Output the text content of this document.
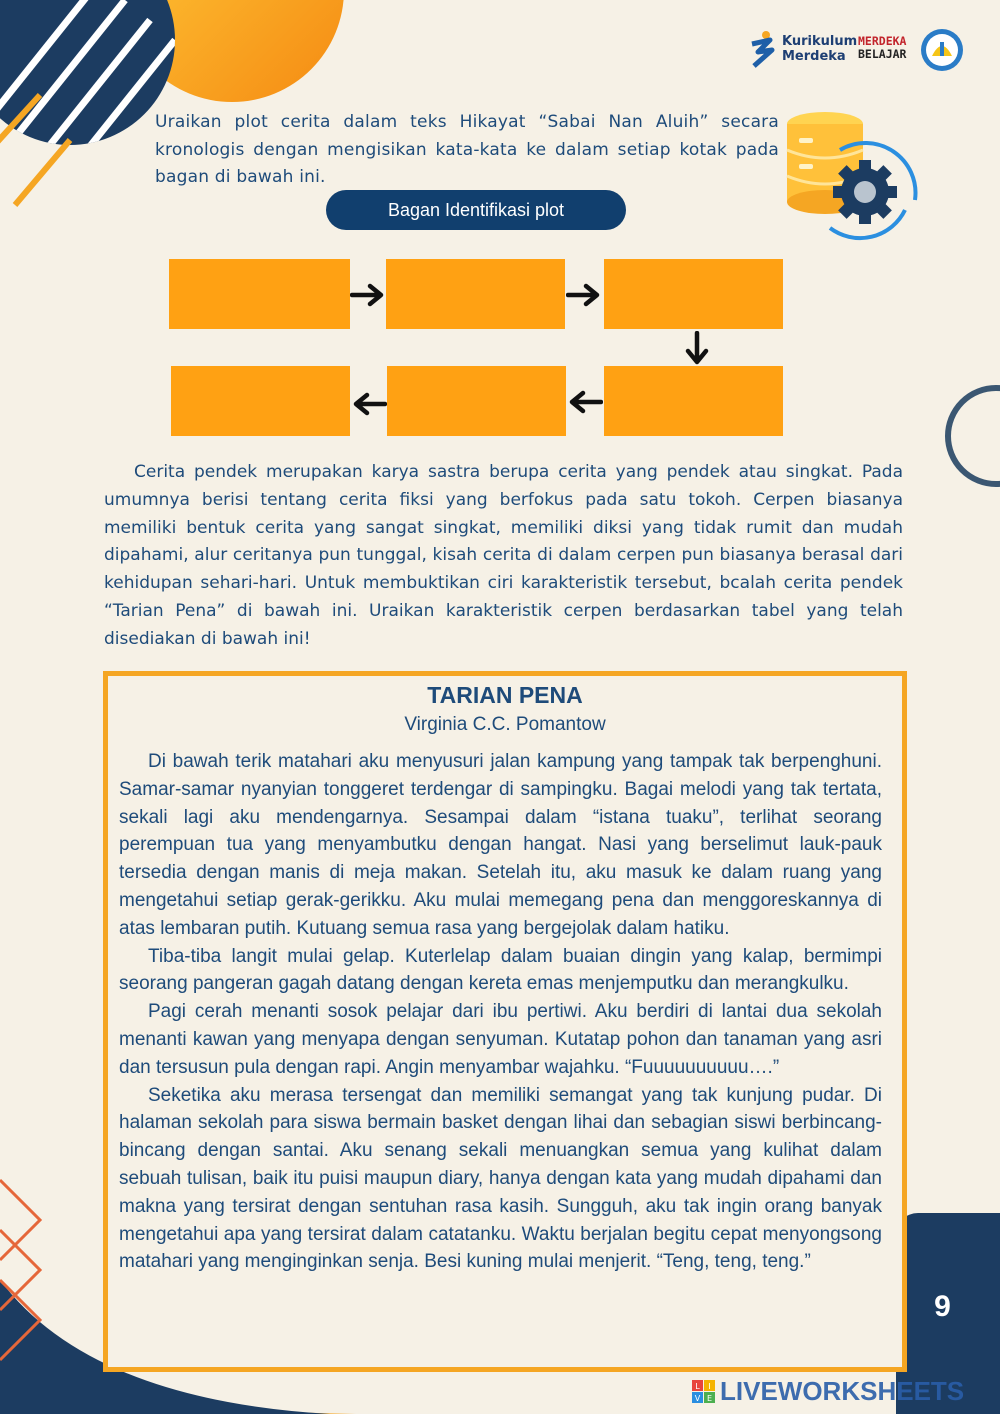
Kurikulum
Merdeka
MERDEKA
BELAJAR
Uraikan plot cerita dalam teks Hikayat “Sabai Nan Aluih” secara kronologis dengan mengisikan kata-kata ke dalam setiap kotak pada bagan di bawah ini.
Bagan Identifikasi plot
Cerita pendek merupakan karya sastra berupa cerita yang pendek atau singkat. Pada umumnya berisi tentang cerita fiksi yang berfokus pada satu tokoh. Cerpen biasanya memiliki bentuk cerita yang sangat singkat, memiliki diksi yang tidak rumit dan mudah dipahami, alur ceritanya pun tunggal, kisah cerita di dalam cerpen pun biasanya berasal dari kehidupan sehari-hari. Untuk membuktikan ciri karakteristik tersebut, bcalah cerita pendek “Tarian Pena” di bawah ini. Uraikan karakteristik cerpen berdasarkan tabel yang telah disediakan di bawah ini!
TARIAN PENA
Virginia C.C. Pomantow

Di bawah terik matahari aku menyusuri jalan kampung yang tampak tak berpenghuni. Samar-samar nyanyian tonggeret terdengar di sampingku. Bagai melodi yang tak tertata, sekali lagi aku mendengarnya. Sesampai dalam “istana tuaku”, terlihat seorang perempuan tua yang menyambutku dengan hangat. Nasi yang berselimut lauk-pauk tersedia dengan manis di meja makan. Setelah itu, aku masuk ke dalam ruang yang mengetahui setiap gerak-gerikku. Aku mulai memegang pena dan menggoreskannya di atas lembaran putih. Kutuang semua rasa yang bergejolak dalam hatiku.

Tiba-tiba langit mulai gelap. Kuterlelap dalam buaian dingin yang kalap, bermimpi seorang pangeran gagah datang dengan kereta emas menjemputku dan merangkulku.

Pagi cerah menanti sosok pelajar dari ibu pertiwi. Aku berdiri di lantai dua sekolah menanti kawan yang menyapa dengan senyuman. Kutatap pohon dan tanaman yang asri dan tersusun pula dengan rapi. Angin menyambar wajahku. “Fuuuuuuuuuu….”

Seketika aku merasa tersengat dan memiliki semangat yang tak kunjung pudar. Di halaman sekolah para siswa bermain basket dengan lihai dan sebagian siswi berbincang-bincang dengan santai. Aku senang sekali menuangkan semua yang kulihat dalam sebuah tulisan, baik itu puisi maupun diary, hanya dengan kata yang mudah dipahami dan makna yang tersirat dengan sentuhan rasa kasih. Sungguh, aku tak ingin orang banyak mengetahui apa yang tersirat dalam catatanku. Waktu berjalan begitu cepat menyongsong matahari yang menginginkan senja. Besi kuning mulai menjerit. “Teng, teng, teng.”

9
L I
V E LIVEWORKSHEETS
